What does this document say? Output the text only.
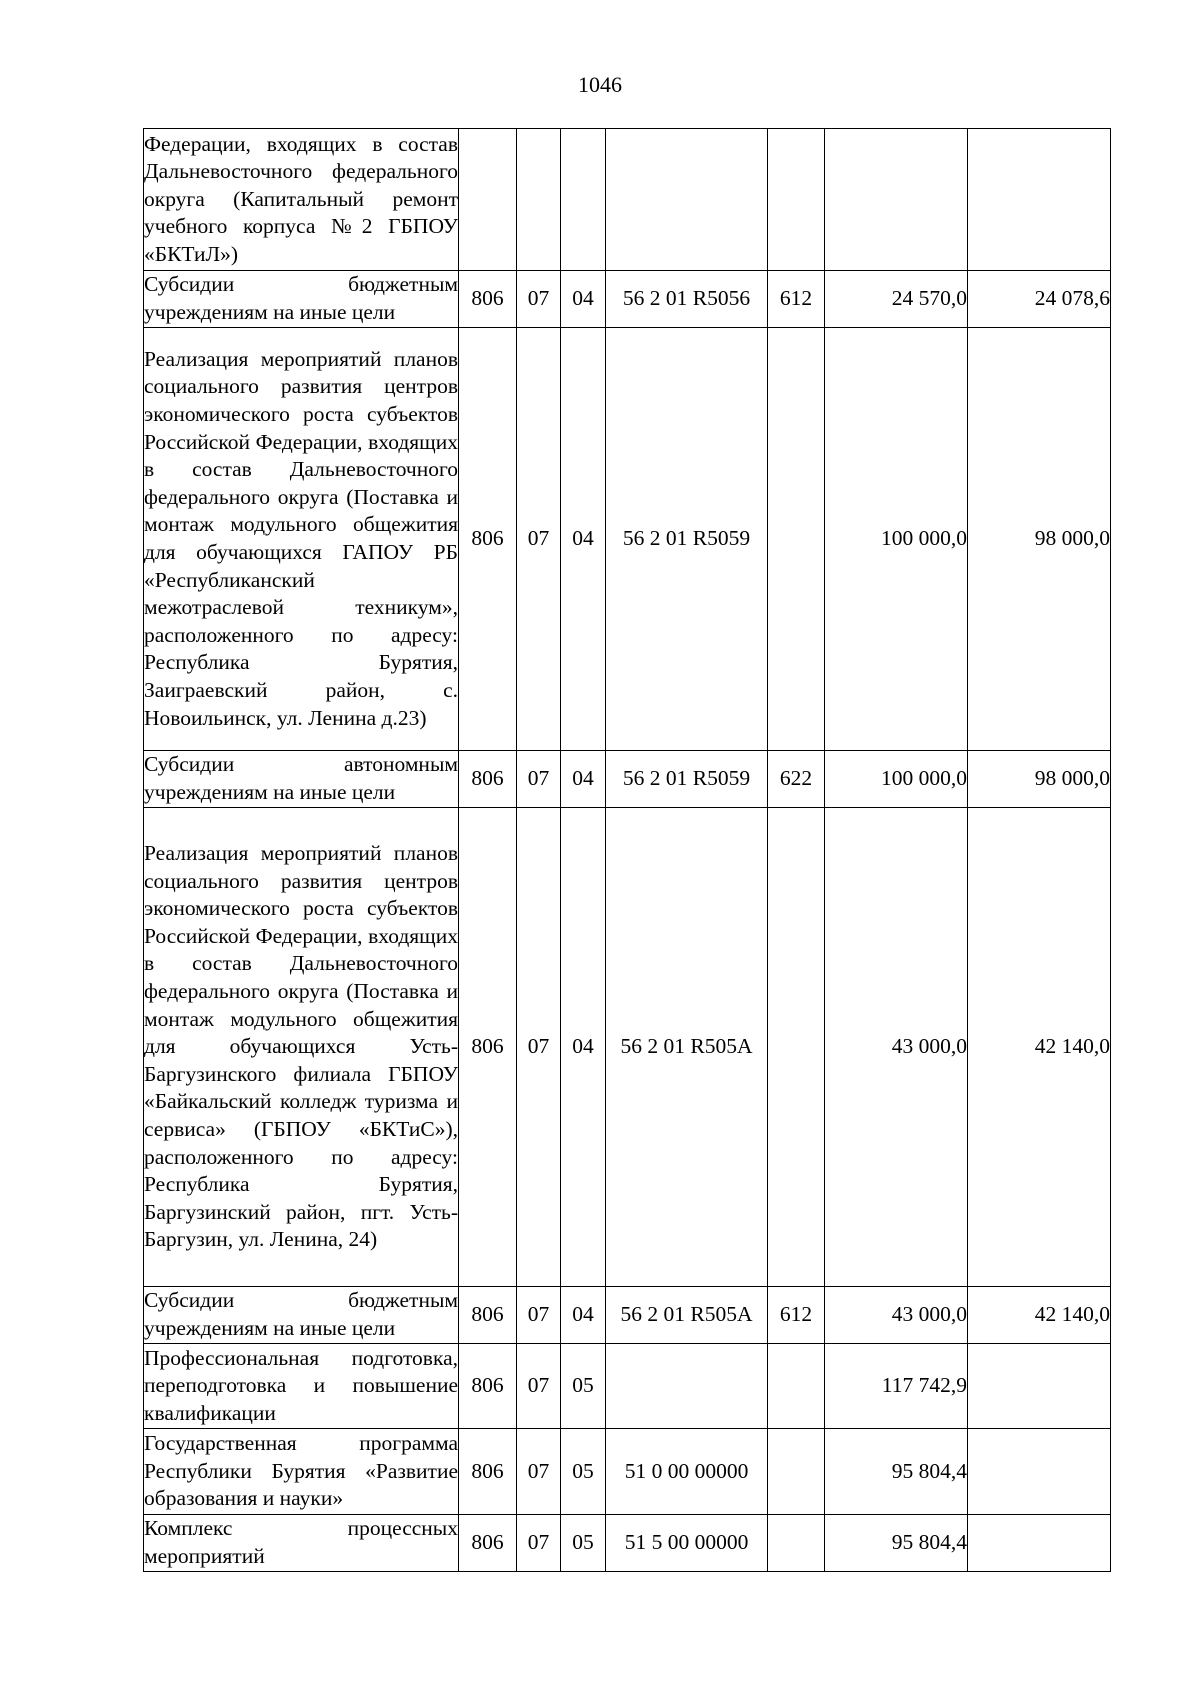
1046
Федерации, входящих в состав Дальневосточного федерального округа (Капитальный ремонт учебного корпуса №2 ГБПОУ «БКТиЛ»)							

Субсидии бюджетным учреждениям на иные цели	806	07	04	56 2 01 R5056	612	24 570,0	24 078,6

Реализация мероприятий планов социального развития центров экономического роста субъектов Российской Федерации, входящих в состав Дальневосточного федерального округа (Поставка и монтаж модульного общежития для обучающихся ГАПОУ РБ «Республиканский межотраслевой техникум», расположенного по адресу: Республика Бурятия, Заиграевский район, с. Новоильинск, ул. Ленина д.23)	806	07	04	56 2 01 R5059		100 000,0	98 000,0

Субсидии автономным учреждениям на иные цели	806	07	04	56 2 01 R5059	622	100 000,0	98 000,0

Реализация мероприятий планов социального развития центров экономического роста субъектов Российской Федерации, входящих в состав Дальневосточного федерального округа (Поставка и монтаж модульного общежития для обучающихся Усть-Баргузинского филиала ГБПОУ «Байкальский колледж туризма и сервиса» (ГБПОУ «БКТиС»), расположенного по адресу: Республика Бурятия, Баргузинский район, пгт. Усть-Баргузин, ул. Ленина, 24)	806	07	04	56 2 01 R505A		43 000,0	42 140,0

Субсидии бюджетным учреждениям на иные цели	806	07	04	56 2 01 R505A	612	43 000,0	42 140,0

Профессиональная подготовка, переподготовка и повышение квалификации	806	07	05			117 742,9	

Государственная программа Республики Бурятия «Развитие образования и науки»	806	07	05	51 0 00 00000		95 804,4	

Комплекс процессных мероприятий	806	07	05	51 5 00 00000		95 804,4	
